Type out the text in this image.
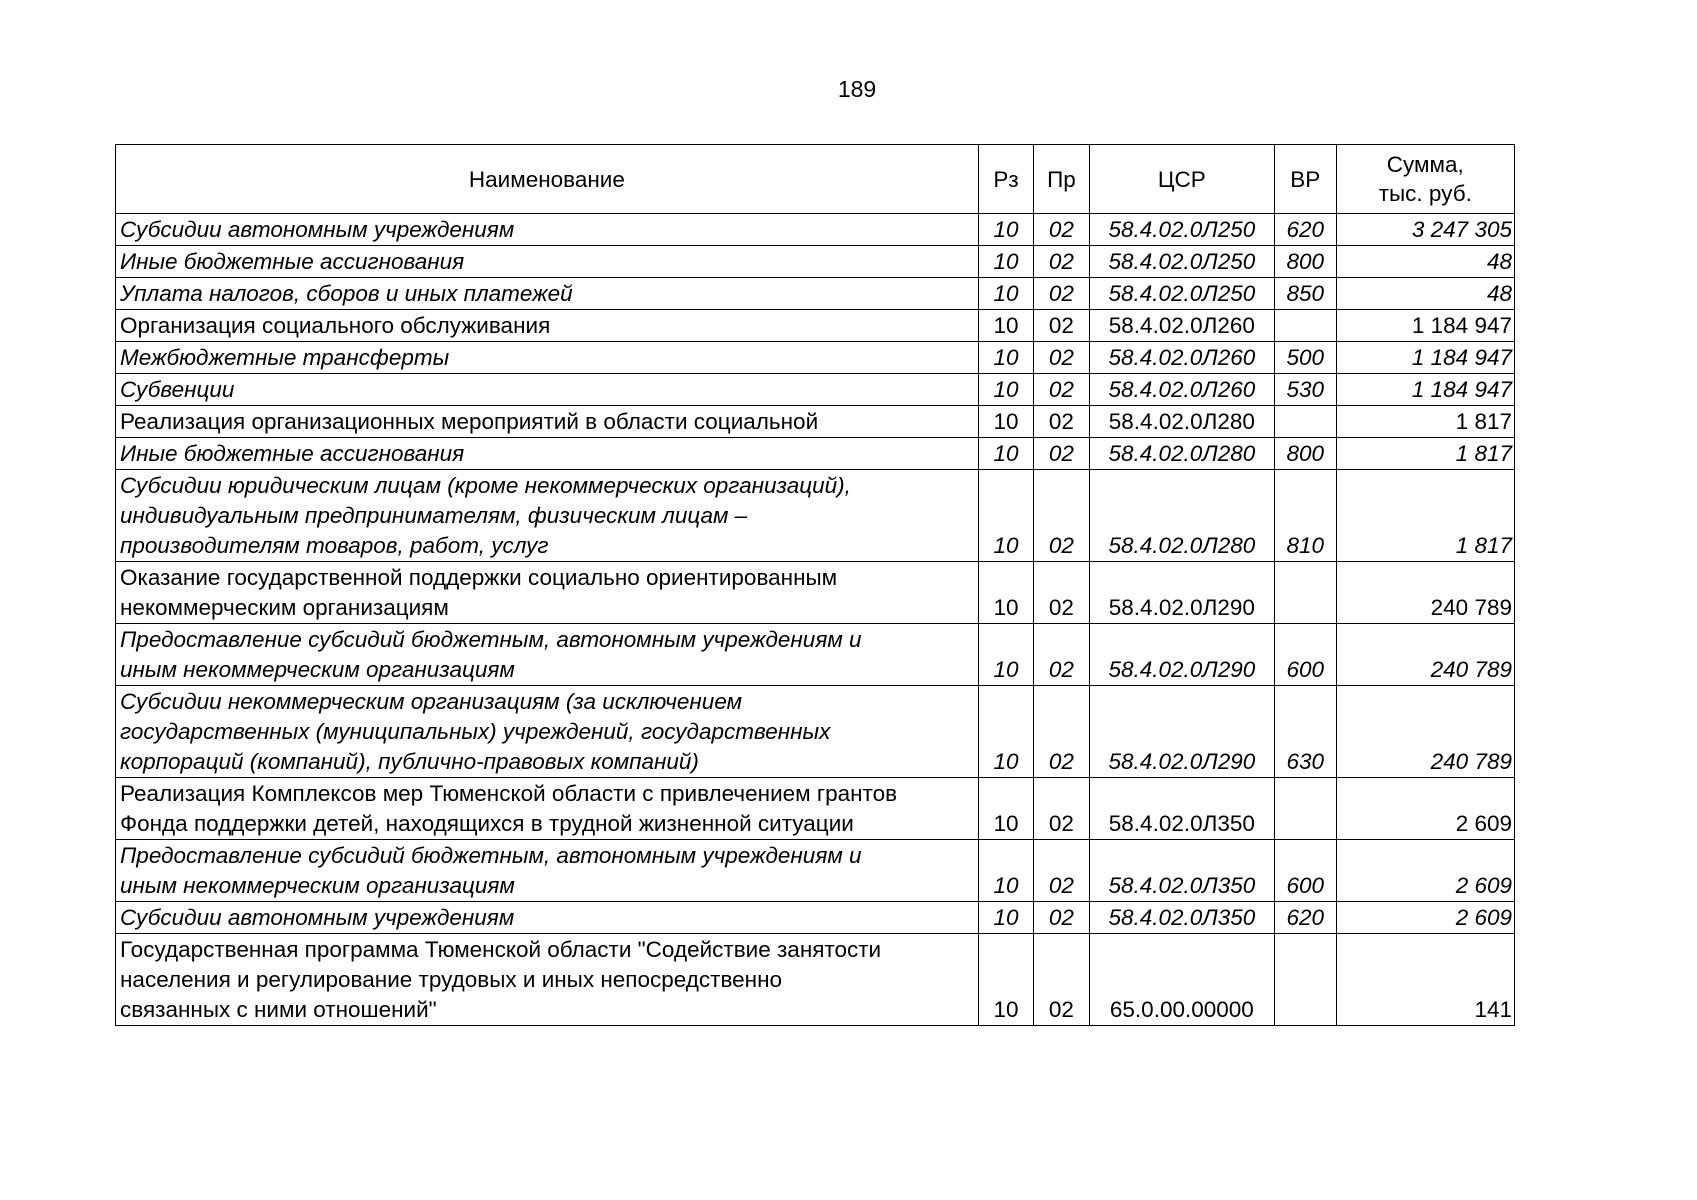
189
Наименование	Рз	Пр	ЦСР	ВР	Сумма,
тыс. руб.

Субсидии автономным учреждениям	10	02	58.4.02.0Л250	620	3 247 305

Иные бюджетные ассигнования	10	02	58.4.02.0Л250	800	48

Уплата налогов, сборов и иных платежей	10	02	58.4.02.0Л250	850	48

Организация социального обслуживания	10	02	58.4.02.0Л260		1 184 947

Межбюджетные трансферты	10	02	58.4.02.0Л260	500	1 184 947

Субвенции	10	02	58.4.02.0Л260	530	1 184 947

Реализация организационных мероприятий в области социальной	10	02	58.4.02.0Л280		1 817

Иные бюджетные ассигнования	10	02	58.4.02.0Л280	800	1 817

Субсидии юридическим лицам (кроме некоммерческих организаций),
индивидуальным предпринимателям, физическим лицам –
производителям товаров, работ, услуг	10	02	58.4.02.0Л280	810	1 817

Оказание государственной поддержки социально ориентированным
некоммерческим организациям	10	02	58.4.02.0Л290		240 789

Предоставление субсидий бюджетным, автономным учреждениям и
иным некоммерческим организациям	10	02	58.4.02.0Л290	600	240 789

Субсидии некоммерческим организациям (за исключением
государственных (муниципальных) учреждений, государственных
корпораций (компаний), публично-правовых компаний)	10	02	58.4.02.0Л290	630	240 789

Реализация Комплексов мер Тюменской области с привлечением грантов
Фонда поддержки детей, находящихся в трудной жизненной ситуации	10	02	58.4.02.0Л350		2 609

Предоставление субсидий бюджетным, автономным учреждениям и
иным некоммерческим организациям	10	02	58.4.02.0Л350	600	2 609

Субсидии автономным учреждениям	10	02	58.4.02.0Л350	620	2 609

Государственная программа Тюменской области "Содействие занятости
населения и регулирование трудовых и иных непосредственно
связанных с ними отношений"	10	02	65.0.00.00000		141
